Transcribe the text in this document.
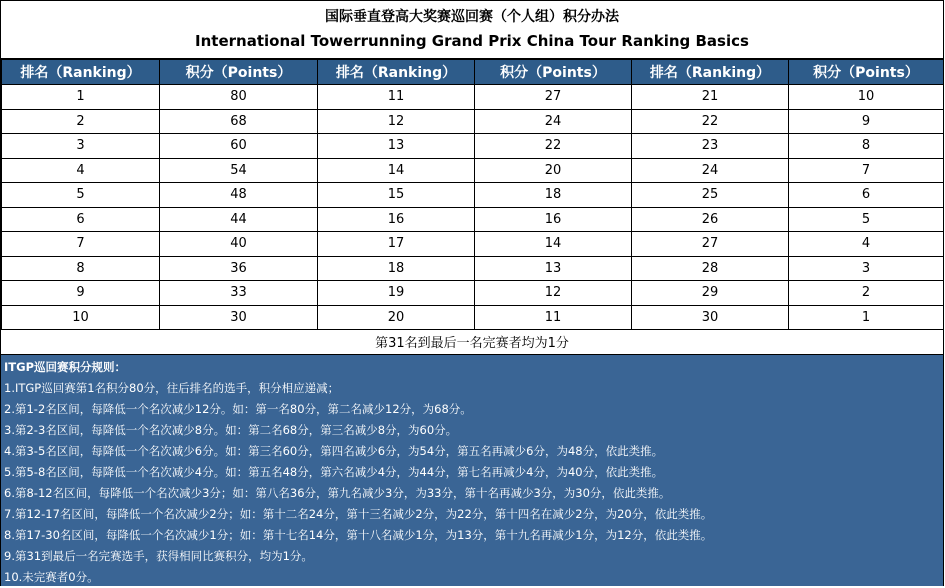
国际垂直登高大奖赛巡回赛（个人组）积分办法
International Towerrunning Grand Prix China Tour Ranking Basics
排名（Ranking）	积分（Points）	排名（Ranking）	积分（Points）	排名（Ranking）	积分（Points）
1	80	11	27	21	10
2	68	12	24	22	9
3	60	13	22	23	8
4	54	14	20	24	7
5	48	15	18	25	6
6	44	16	16	26	5
7	40	17	14	27	4
8	36	18	13	28	3
9	33	19	12	29	2
10	30	20	11	30	1
第31名到最后一名完赛者均为1分
ITGP巡回赛积分规则：
1.ITGP巡回赛第1名积分80分，往后排名的选手，积分相应递减；
2.第1-2名区间，每降低一个名次减少12分。如：第一名80分，第二名减少12分，为68分。
3.第2-3名区间，每降低一个名次减少8分。如：第二名68分，第三名减少8分，为60分。
4.第3-5名区间，每降低一个名次减少6分。如：第三名60分，第四名减少6分，为54分，第五名再减少6分，为48分，依此类推。
5.第5-8名区间，每降低一个名次减少4分。如：第五名48分，第六名减少4分，为44分，第七名再减少4分，为40分，依此类推。
6.第8-12名区间，每降低一个名次减少3分；如：第八名36分，第九名减少3分，为33分，第十名再减少3分，为30分，依此类推。
7.第12-17名区间，每降低一个名次减少2分；如：第十二名24分，第十三名减少2分，为22分，第十四名在减少2分，为20分，依此类推。
8.第17-30名区间，每降低一个名次减少1分；如：第十七名14分，第十八名减少1分，为13分，第十九名再减少1分，为12分，依此类推。
9.第31到最后一名完赛选手，获得相同比赛积分，均为1分。
10.未完赛者0分。
